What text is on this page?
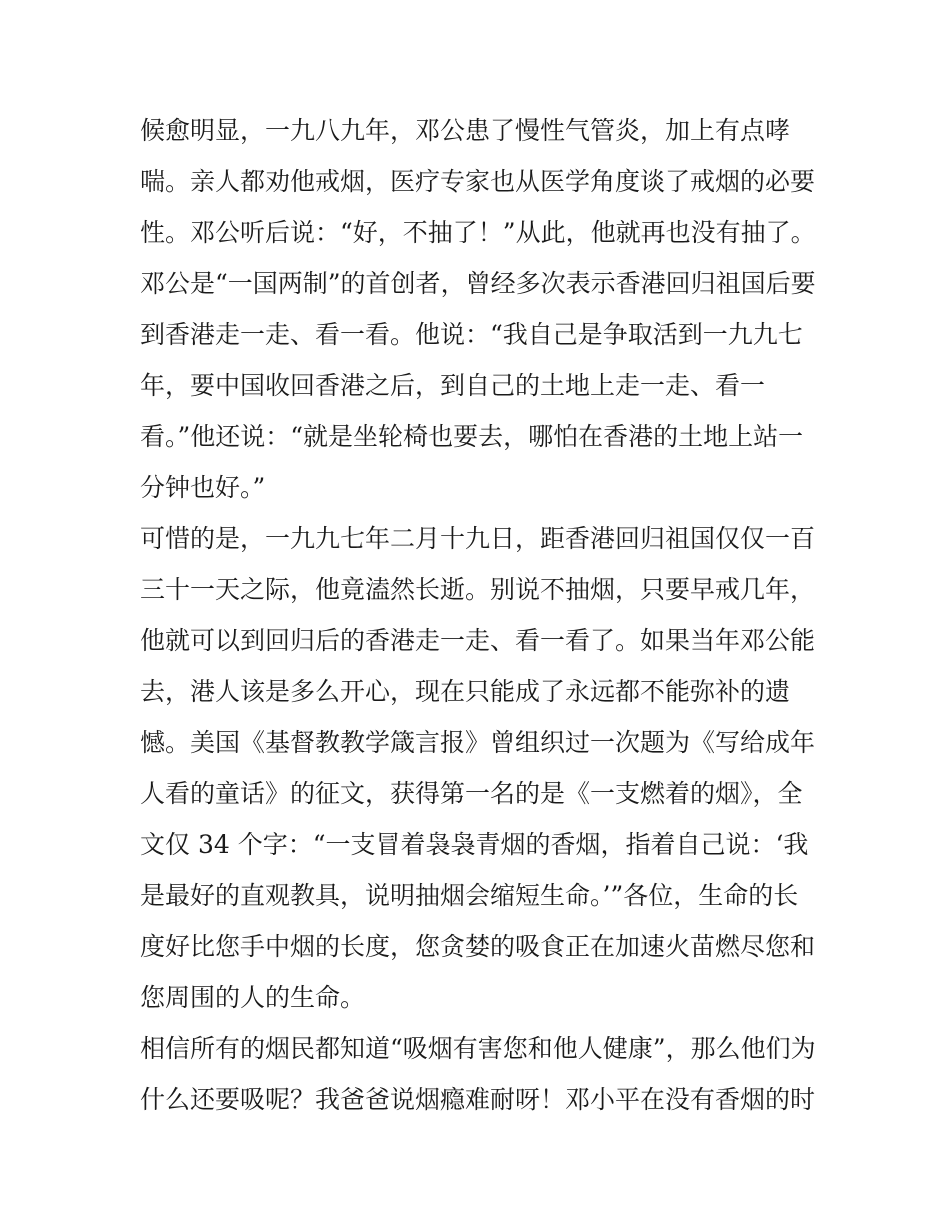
候愈明显，一九八九年，邓公患了慢性气管炎，加上有点哮
喘。亲人都劝他戒烟，医疗专家也从医学角度谈了戒烟的必要
性。邓公听后说：“好，不抽了！”从此，他就再也没有抽了。
邓公是“一国两制”的首创者，曾经多次表示香港回归祖国后要
到香港走一走、看一看。他说：“我自己是争取活到一九九七
年，要中国收回香港之后，到自己的土地上走一走、看一
看。”他还说：“就是坐轮椅也要去，哪怕在香港的土地上站一
分钟也好。”
可惜的是，一九九七年二月十九日，距香港回归祖国仅仅一百
三十一天之际，他竟溘然长逝。别说不抽烟，只要早戒几年，
他就可以到回归后的香港走一走、看一看了。如果当年邓公能
去，港人该是多么开心，现在只能成了永远都不能弥补的遗
憾。美国《基督教教学箴言报》曾组织过一次题为《写给成年
人看的童话》的征文，获得第一名的是《一支燃着的烟》，全
文仅 34 个字：“一支冒着袅袅青烟的香烟，指着自己说：‘我
是最好的直观教具，说明抽烟会缩短生命。’”各位，生命的长
度好比您手中烟的长度，您贪婪的吸食正在加速火苗燃尽您和
您周围的人的生命。
相信所有的烟民都知道“吸烟有害您和他人健康”，那么他们为
什么还要吸呢？我爸爸说烟瘾难耐呀！邓小平在没有香烟的时
